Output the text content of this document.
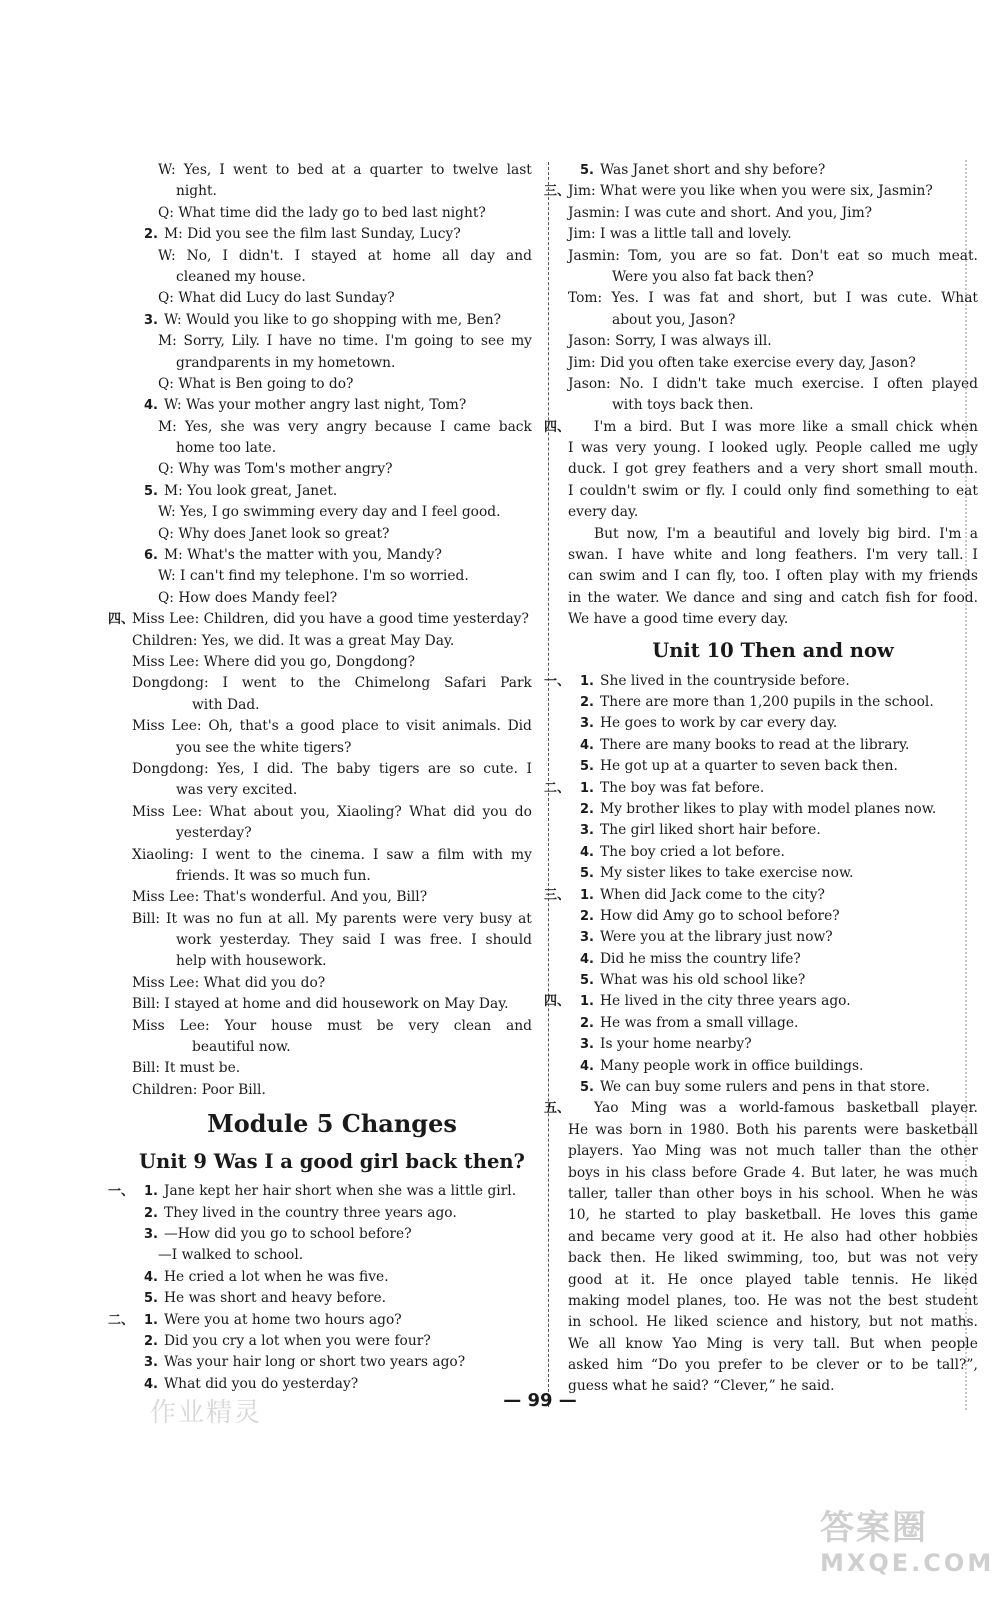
W: Yes, I went to bed at a quarter to twelve last
night.
Q: What time did the lady go to bed last night?
2. M: Did you see the film last Sunday, Lucy?
W: No, I didn't. I stayed at home all day and
cleaned my house.
Q: What did Lucy do last Sunday?
3. W: Would you like to go shopping with me, Ben?
M: Sorry, Lily. I have no time. I'm going to see my
grandparents in my hometown.
Q: What is Ben going to do?
4. W: Was your mother angry last night, Tom?
M: Yes, she was very angry because I came back
home too late.
Q: Why was Tom's mother angry?
5. M: You look great, Janet.
W: Yes, I go swimming every day and I feel good.
Q: Why does Janet look so great?
6. M: What's the matter with you, Mandy?
W: I can't find my telephone. I'm so worried.
Q: How does Mandy feel?
四、
Miss Lee: Children, did you have a good time yesterday?
Children: Yes, we did. It was a great May Day.
Miss Lee: Where did you go, Dongdong?
Dongdong: I went to the Chimelong Safari Park
with Dad.
Miss Lee: Oh, that's a good place to visit animals. Did
you see the white tigers?
Dongdong: Yes, I did. The baby tigers are so cute. I
was very excited.
Miss Lee: What about you, Xiaoling? What did you do
yesterday?
Xiaoling: I went to the cinema. I saw a film with my
friends. It was so much fun.
Miss Lee: That's wonderful. And you, Bill?
Bill: It was no fun at all. My parents were very busy at
work yesterday. They said I was free. I should
help with housework.
Miss Lee: What did you do?
Bill: I stayed at home and did housework on May Day.
Miss Lee: Your house must be very clean and
beautiful now.
Bill: It must be.
Children: Poor Bill.
Module 5 Changes
Unit 9 Was I a good girl back then?
一、 1. Jane kept her hair short when she was a little girl.
2. They lived in the country three years ago.
3. —How did you go to school before?
—I walked to school.
4. He cried a lot when he was five.
5. He was short and heavy before.
二、 1. Were you at home two hours ago?
2. Did you cry a lot when you were four?
3. Was your hair long or short two years ago?
4. What did you do yesterday?
5. Was Janet short and shy before?
三、
Jim: What were you like when you were six, Jasmin?
Jasmin: I was cute and short. And you, Jim?
Jim: I was a little tall and lovely.
Jasmin: Tom, you are so fat. Don't eat so much meat.
Were you also fat back then?
Tom: Yes. I was fat and short, but I was cute. What
about you, Jason?
Jason: Sorry, I was always ill.
Jim: Did you often take exercise every day, Jason?
Jason: No. I didn't take much exercise. I often played
with toys back then.
四、 I'm a bird. But I was more like a small chick when
I was very young. I looked ugly. People called me ugly
duck. I got grey feathers and a very short small mouth.
I couldn't swim or fly. I could only find something to eat
every day.
But now, I'm a beautiful and lovely big bird. I'm a
swan. I have white and long feathers. I'm very tall. I
can swim and I can fly, too. I often play with my friends
in the water. We dance and sing and catch fish for food.
We have a good time every day.
Unit 10 Then and now
一、 1. She lived in the countryside before.
2. There are more than 1,200 pupils in the school.
3. He goes to work by car every day.
4. There are many books to read at the library.
5. He got up at a quarter to seven back then.
二、 1. The boy was fat before.
2. My brother likes to play with model planes now.
3. The girl liked short hair before.
4. The boy cried a lot before.
5. My sister likes to take exercise now.
三、 1. When did Jack come to the city?
2. How did Amy go to school before?
3. Were you at the library just now?
4. Did he miss the country life?
5. What was his old school like?
四、 1. He lived in the city three years ago.
2. He was from a small village.
3. Is your home nearby?
4. Many people work in office buildings.
5. We can buy some rulers and pens in that store.
五、 Yao Ming was a world-famous basketball player.
He was born in 1980. Both his parents were basketball
players. Yao Ming was not much taller than the other
boys in his class before Grade 4. But later, he was much
taller, taller than other boys in his school. When he was
10, he started to play basketball. He loves this game
and became very good at it. He also had other hobbies
back then. He liked swimming, too, but was not very
good at it. He once played table tennis. He liked
making model planes, too. He was not the best student
in school. He liked science and history, but not maths.
We all know Yao Ming is very tall. But when people
asked him “Do you prefer to be clever or to be tall?”,
guess what he said? “Clever,” he said.
— 99 —
作业精灵
答案圈
MXQE.COM
